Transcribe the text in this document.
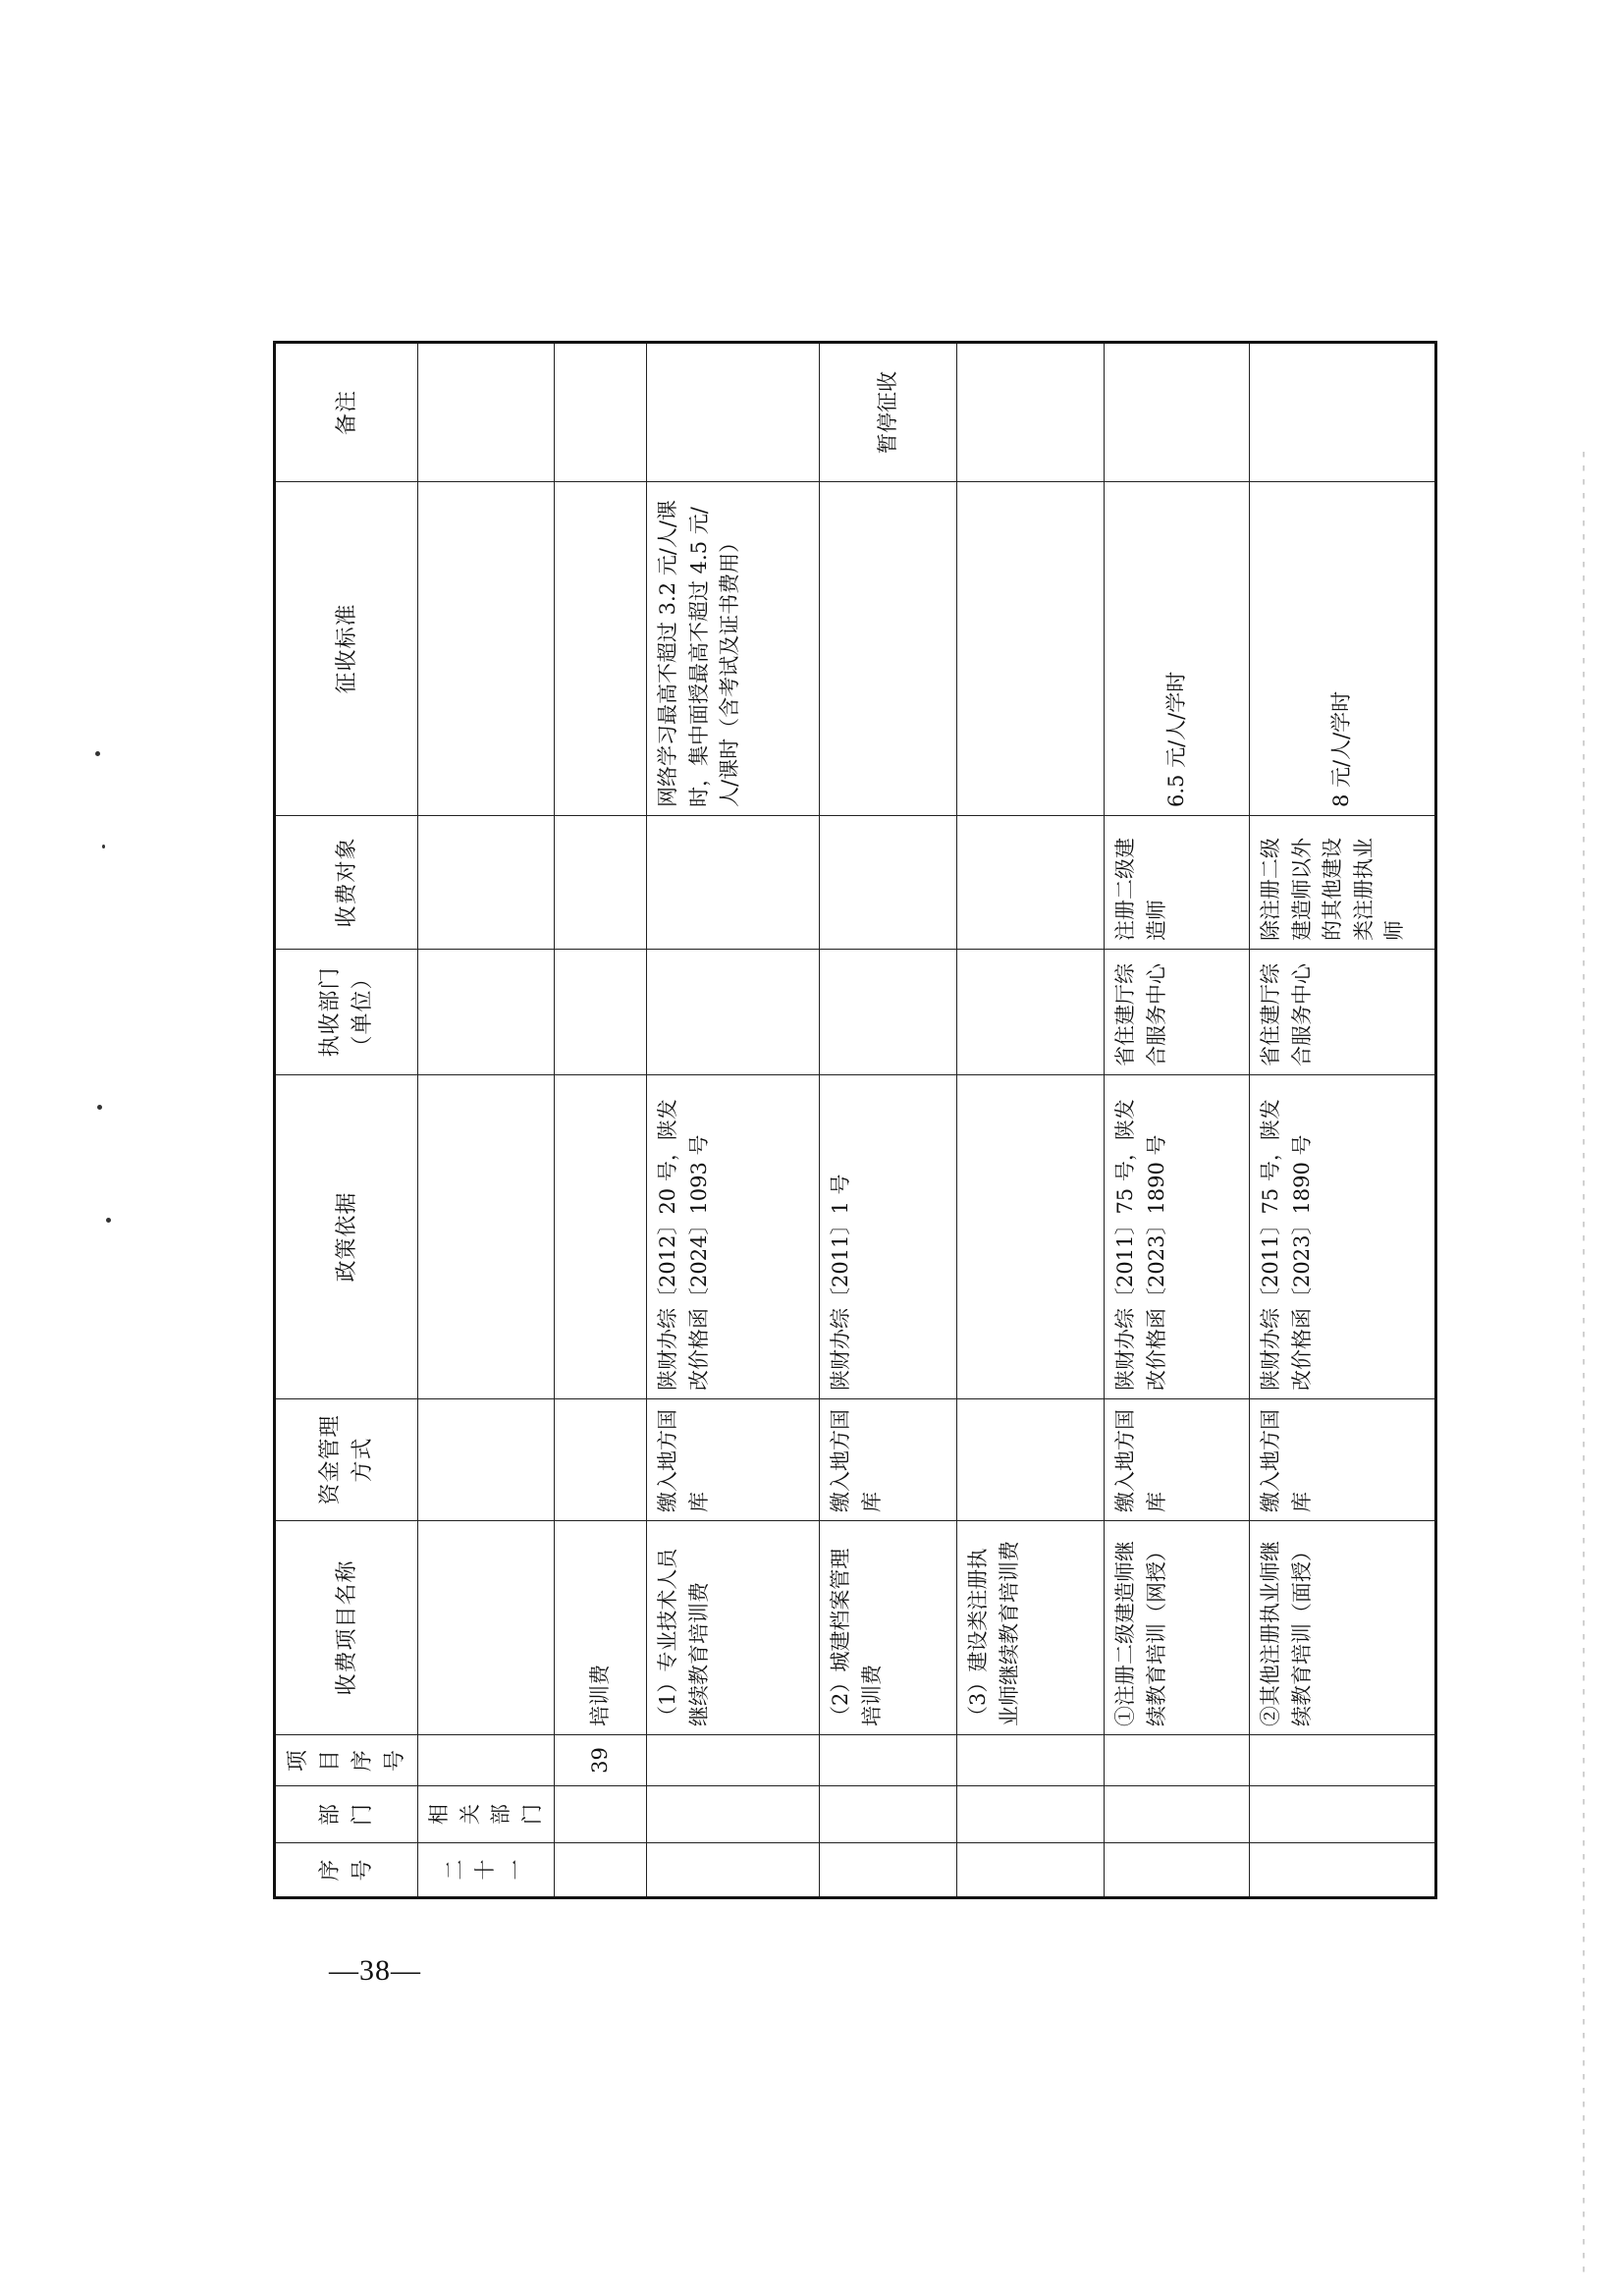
序号	部门	项目序号	收费项目名称	资金管理方式	政策依据	执收部门（单位）	收费对象	征收标准	备注
二十一	相关部门								
		39	培训费						
			（1）专业技术人员继续教育培训费	缴入地方国库	陕财办综〔2012〕20 号，陕发改价格函〔2024〕1093 号			网络学习最高不超过 3.2 元/人/课时，集中面授最高不超过 4.5 元/人/课时（含考试及证书费用）	
			（2）城建档案管理培训费	缴入地方国库	陕财办综〔2011〕1 号				暂停征收
			（3）建设类注册执业师继续教育培训费						
			①注册二级建造师继续教育培训（网授）	缴入地方国库	陕财办综〔2011〕75 号，陕发改价格函〔2023〕1890 号	省住建厅综合服务中心	注册二级建造师	6.5 元/人/学时	
			②其他注册执业师继续教育培训（面授）	缴入地方国库	陕财办综〔2011〕75 号，陕发改价格函〔2023〕1890 号	省住建厅综合服务中心	除注册二级建造师以外的其他建设类注册执业师	8 元/人/学时	
—38—
